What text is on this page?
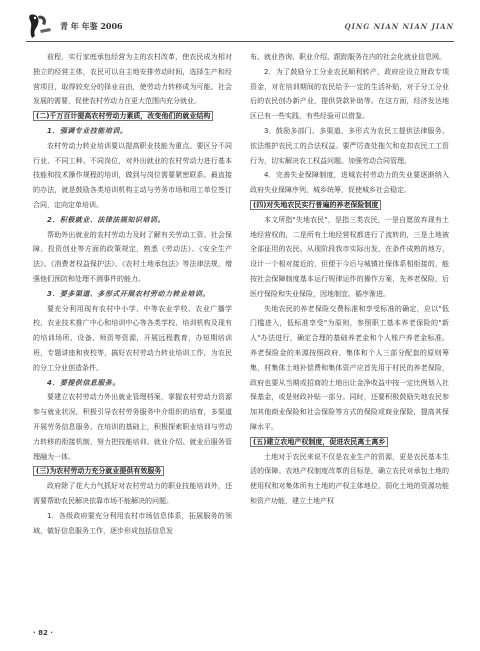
青 年 年鉴 2006	QING NIAN NIAN JIAN

前程，实行家庭承包经营为主的农村改革，使农民成为相对独立的经营主体，农民可以自主地安排劳动时间，选择生产和经营项目，取得较充分的择业自由，使劳动力转移成为可能。社会发展的需要，促使农村劳动力在更大范围内充分就业。

(二)千万百计提高农村劳动力素质，改变他们的就业结构

1．强调专业技能培训。

农村劳动力转业培训要以提高职业技能为重点。要区分不同行业、不同工种、不同岗位，对外出就业的农村劳动力进行基本技能和技术操作规程的培训，做到与岗位需要紧密联系。最直接的办法，就是鼓励各类培训机构主动与劳务市场和用工单位签订合同，定向定单培训。

2．积极就业、法律法规知识培训。

帮助外出就业的农村劳动力及时了解有关劳动工资、社会保障、投资创业等方面的政策规定，熟悉《劳动法》、《安全生产法》、《消费者权益保护法》、《农村土地承包法》等法律法规，增强他们预防和处理不测事件的能力。

3．要多渠道、多形式开展农村劳动力转业培训。

要充分利用现有农村中小学、中等农业学校、农业广播学校、农业技术推广中心和培训中心等各类学校、培训机构及现有的培训场所、设备、师资等资源，开展远程教育，办短期培训班，专题讲座和夜校等，搞好农村劳动力转业培训工作，为农民的分工分业创造条件。

4．要提供信息服务。

要建立农村劳动力外出就业管理档案，掌握农村劳动力资源参与就业状况，积极引导农村劳务服务中介组织的培育，多渠道开展劳务信息服务。在培训的基础上，积极探索职业培训与劳动力转移的衔接机制，努力把技能培训、就业介绍、就业后服务管理融为一体。

(三)为农村劳动力充分就业提供有效服务

政府除了花大力气抓好对农村劳动力的职业技能培训外，还需要帮助农民解决依靠市场不能解决的问题。

1．各级政府要充分利用农村市场信息体系，拓展服务的领域，做好信息服务工作，逐步形成包括信息发

布、就业咨询、职业介绍、跟踪服务在内的社会化就业信息网。

2．为了鼓励分工分业农民顺利转产，政府应设立财政专项资金，对在培训期间的农民给予一定的生活补贴，对于分工分业后的农民创办新产业，提供贷款补助等。在这方面，经济发达地区已有一些实践，有些经验可以借鉴。

3．鼓励多部门、多渠道、多形式为农民工提供法律服务。依法维护农民工的合法权益。要严厉查处拖欠和克扣农民工工资行为，切实解决农工权益问题。加强劳动合同管理。

4．完善失业保障制度，进城农村劳动力的失业要逐渐纳入政府失业保障序列，城乡统筹，促使城乡社会稳定。

(四)对失地农民实行普遍的养老保险制度

本文所指"失地农民"，是指三类农民，一是自愿放弃现有土地经营权的，二是所有土地经营权都进行了流转的，三是土地被全部征用的农民。从现阶段我市实际出发，在条件成熟的地方，设计一个相对接近的，但便于今后与城镇社保体系相衔接的，能按社会保障制度基本运行规律运作的操作方案，先养老保险，后医疗保险和失业保险，因地制宜、循序渐进。

失地农民的养老保险交费标准和享受标准的确定，应以"低门槛进入，低标准享受"为原则，参照职工基本养老保险的"新人"办法进行，确定合理的基础养老金和个人账户养老金标准。养老保险金的来源按照政府、集体和个人三部分配套的原则筹集，村集体土地补偿费和集体资产应首先用于村民的养老保险，政府也要从当期或招商的土地出让金净收益中按一定比例划入社保基金，或是财政补贴一部分。同时，还要积极鼓励失地农民参加其他商业保险和社会保险等方式的保险或商业保险，提高其保障水平。

(五)建立农地产权制度，促进农民离土离乡

土地对于农民来说不仅是农业生产的资源，更是农民基本生活的保障。农地产权制度改革的目标是，确立农民对承包土地的使用权和对集体所有土地的产权主体地位，弱化土地的资源功能和资产功能，建立土地产权

· 82 ·
